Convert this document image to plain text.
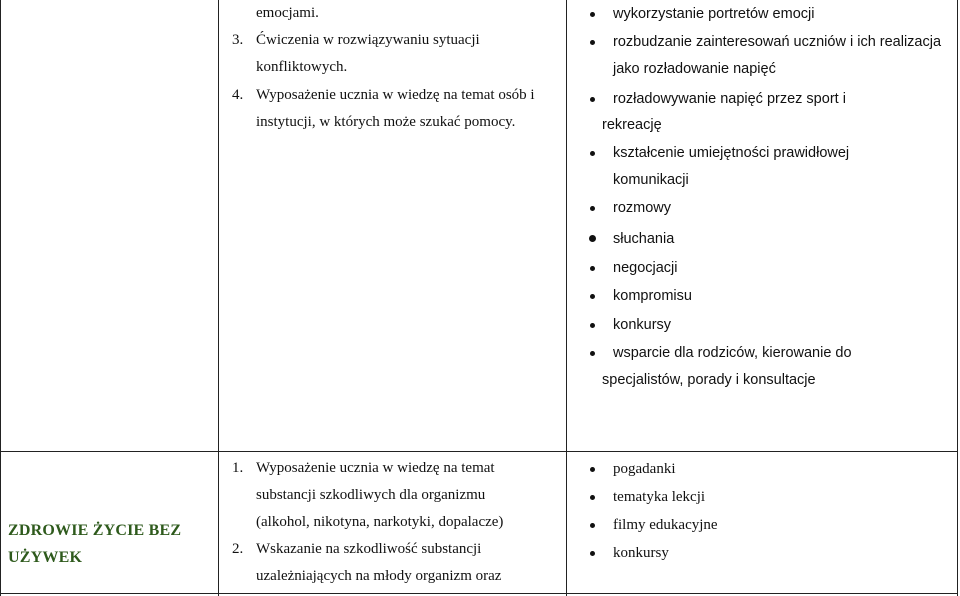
emocjami.
3. Ćwiczenia w rozwiązywaniu sytuacji
konfliktowych.
4. Wyposażenie ucznia w wiedzę na temat osób i
instytucji, w których może szukać pomocy.
wykorzystanie portretów emocji
rozbudzanie zainteresowań uczniów i ich realizacja
jako rozładowanie napięć
rozładowywanie napięć przez sport i
rekreację
kształcenie umiejętności prawidłowej
komunikacji
rozmowy
słuchania
negocjacji
kompromisu
konkursy
wsparcie dla rodziców, kierowanie do
specjalistów, porady i konsultacje
ZDROWIE ŻYCIE BEZ
UŻYWEK
1. Wyposażenie ucznia w wiedzę na temat
substancji szkodliwych dla organizmu
(alkohol, nikotyna, narkotyki, dopalacze)
2. Wskazanie na szkodliwość substancji
uzależniających na młody organizm oraz
pogadanki
tematyka lekcji
filmy edukacyjne
konkursy
